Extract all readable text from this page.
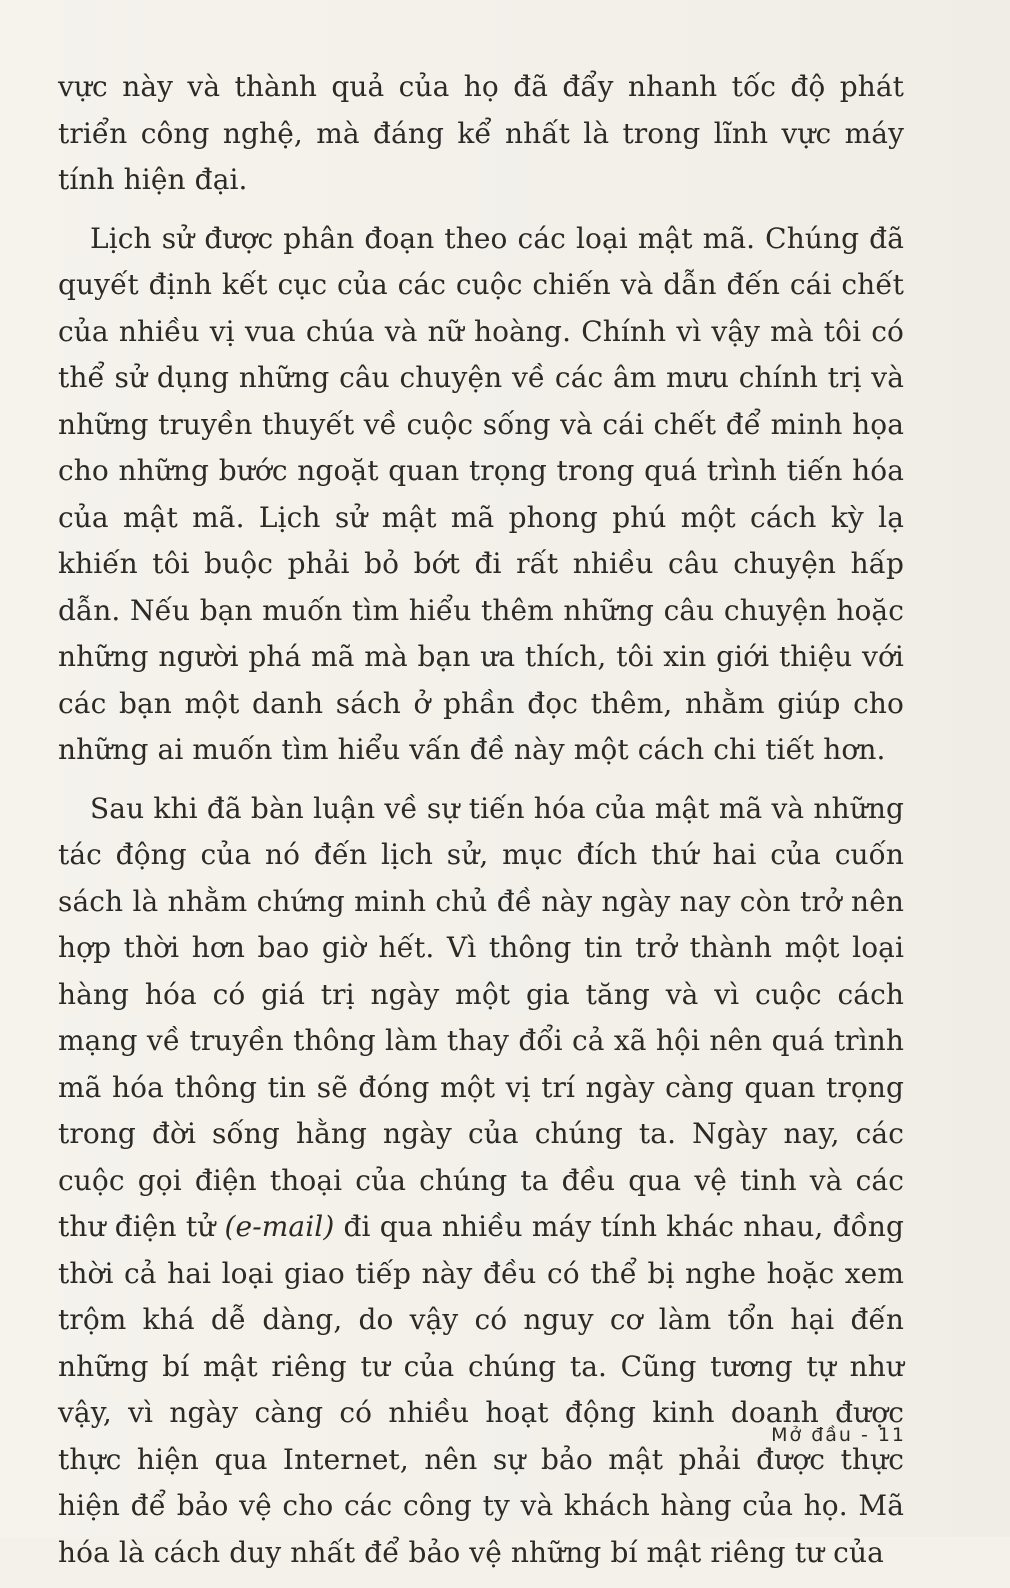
vực này và thành quả của họ đã đẩy nhanh tốc độ phát triển công nghệ, mà đáng kể nhất là trong lĩnh vực máy tính hiện đại.

Lịch sử được phân đoạn theo các loại mật mã. Chúng đã quyết định kết cục của các cuộc chiến và dẫn đến cái chết của nhiều vị vua chúa và nữ hoàng. Chính vì vậy mà tôi có thể sử dụng những câu chuyện về các âm mưu chính trị và những truyền thuyết về cuộc sống và cái chết để minh họa cho những bước ngoặt quan trọng trong quá trình tiến hóa của mật mã. Lịch sử mật mã phong phú một cách kỳ lạ khiến tôi buộc phải bỏ bớt đi rất nhiều câu chuyện hấp dẫn. Nếu bạn muốn tìm hiểu thêm những câu chuyện hoặc những người phá mã mà bạn ưa thích, tôi xin giới thiệu với các bạn một danh sách ở phần đọc thêm, nhằm giúp cho những ai muốn tìm hiểu vấn đề này một cách chi tiết hơn.

Sau khi đã bàn luận về sự tiến hóa của mật mã và những tác động của nó đến lịch sử, mục đích thứ hai của cuốn sách là nhằm chứng minh chủ đề này ngày nay còn trở nên hợp thời hơn bao giờ hết. Vì thông tin trở thành một loại hàng hóa có giá trị ngày một gia tăng và vì cuộc cách mạng về truyền thông làm thay đổi cả xã hội nên quá trình mã hóa thông tin sẽ đóng một vị trí ngày càng quan trọng trong đời sống hằng ngày của chúng ta. Ngày nay, các cuộc gọi điện thoại của chúng ta đều qua vệ tinh và các thư điện tử (e-mail) đi qua nhiều máy tính khác nhau, đồng thời cả hai loại giao tiếp này đều có thể bị nghe hoặc xem trộm khá dễ dàng, do vậy có nguy cơ làm tổn hại đến những bí mật riêng tư của chúng ta. Cũng tương tự như vậy, vì ngày càng có nhiều hoạt động kinh doanh được thực hiện qua Internet, nên sự bảo mật phải được thực hiện để bảo vệ cho các công ty và khách hàng của họ. Mã hóa là cách duy nhất để bảo vệ những bí mật riêng tư của

Mở đầu - 11
